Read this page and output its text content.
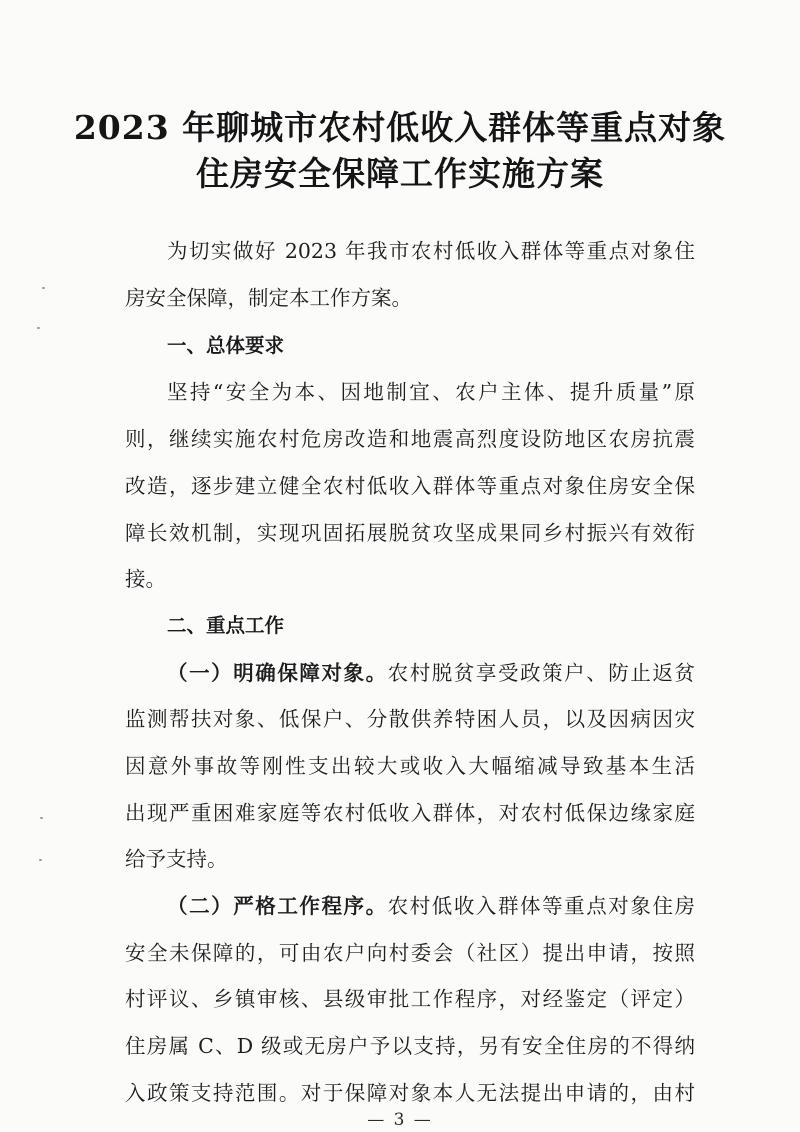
2023 年聊城市农村低收入群体等重点对象
住房安全保障工作实施方案
为切实做好 2023 年我市农村低收入群体等重点对象住
房安全保障，制定本工作方案。
一、总体要求
坚持“安全为本、因地制宜、农户主体、提升质量”原
则，继续实施农村危房改造和地震高烈度设防地区农房抗震
改造，逐步建立健全农村低收入群体等重点对象住房安全保
障长效机制，实现巩固拓展脱贫攻坚成果同乡村振兴有效衔
接。
二、重点工作
（一）明确保障对象。农村脱贫享受政策户、防止返贫
监测帮扶对象、低保户、分散供养特困人员，以及因病因灾
因意外事故等刚性支出较大或收入大幅缩减导致基本生活
出现严重困难家庭等农村低收入群体，对农村低保边缘家庭
给予支持。
（二）严格工作程序。农村低收入群体等重点对象住房
安全未保障的，可由农户向村委会（社区）提出申请，按照
村评议、乡镇审核、县级审批工作程序，对经鉴定（评定）
住房属 C、D 级或无房户予以支持，另有安全住房的不得纳
入政策支持范围。对于保障对象本人无法提出申请的，由村
— 3 —
